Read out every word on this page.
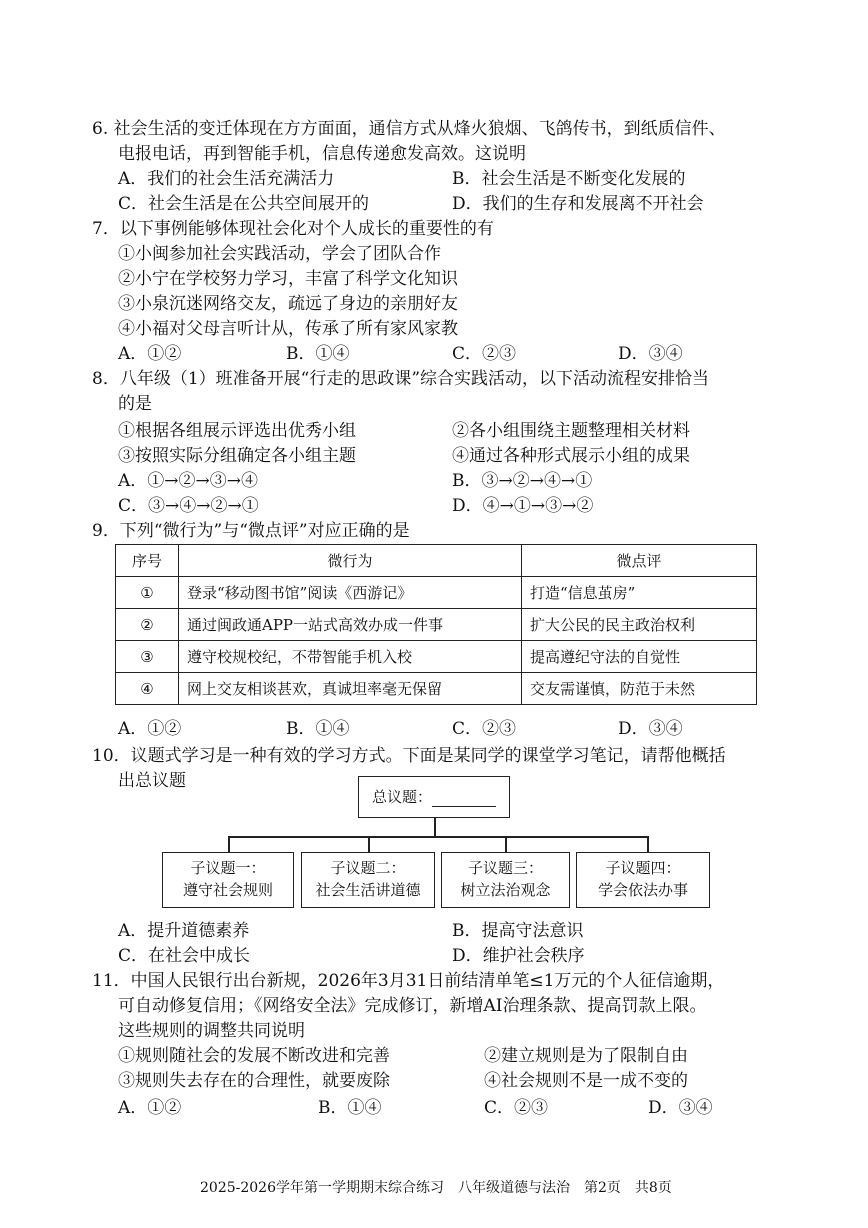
6. 社会生活的变迁体现在方方面面，通信方式从烽火狼烟、飞鸽传书，到纸质信件、
电报电话，再到智能手机，信息传递愈发高效。这说明
A．我们的社会生活充满活力	B．社会生活是不断变化发展的
C．社会生活是在公共空间展开的	D．我们的生存和发展离不开社会
7．以下事例能够体现社会化对个人成长的重要性的有
①小闽参加社会实践活动，学会了团队合作
②小宁在学校努力学习，丰富了科学文化知识
③小泉沉迷网络交友，疏远了身边的亲朋好友
④小福对父母言听计从，传承了所有家风家教
A．①②	B．①④	C．②③	D．③④
8．八年级（1）班准备开展“行走的思政课”综合实践活动，以下活动流程安排恰当
的是
①根据各组展示评选出优秀小组	②各小组围绕主题整理相关材料
③按照实际分组确定各小组主题	④通过各种形式展示小组的成果
A．①→②→③→④	B．③→②→④→①
C．③→④→②→①	D．④→①→③→②
9．下列“微行为”与“微点评”对应正确的是
序号	微行为	微点评
①	登录“移动图书馆”阅读《西游记》	打造“信息茧房”
②	通过闽政通APP一站式高效办成一件事	扩大公民的民主政治权利
③	遵守校规校纪，不带智能手机入校	提高遵纪守法的自觉性
④	网上交友相谈甚欢，真诚坦率毫无保留	交友需谨慎，防范于未然
A．①②	B．①④	C．②③	D．③④
10．议题式学习是一种有效的学习方式。下面是某同学的课堂学习笔记，请帮他概括
出总议题
总议题：
子议题一：
遵守社会规则
子议题二：
社会生活讲道德
子议题三：
树立法治观念
子议题四：
学会依法办事
A．提升道德素养	B．提高守法意识
C．在社会中成长	D．维护社会秩序
11．中国人民银行出台新规，2026年3月31日前结清单笔≤1万元的个人征信逾期，
可自动修复信用；《网络安全法》完成修订，新增AI治理条款、提高罚款上限。
这些规则的调整共同说明
①规则随社会的发展不断改进和完善	②建立规则是为了限制自由
③规则失去存在的合理性，就要废除	④社会规则不是一成不变的
A．①②	B．①④	C．②③	D．③④
2025-2026学年第一学期期末综合练习　八年级道德与法治　第2页　共8页
